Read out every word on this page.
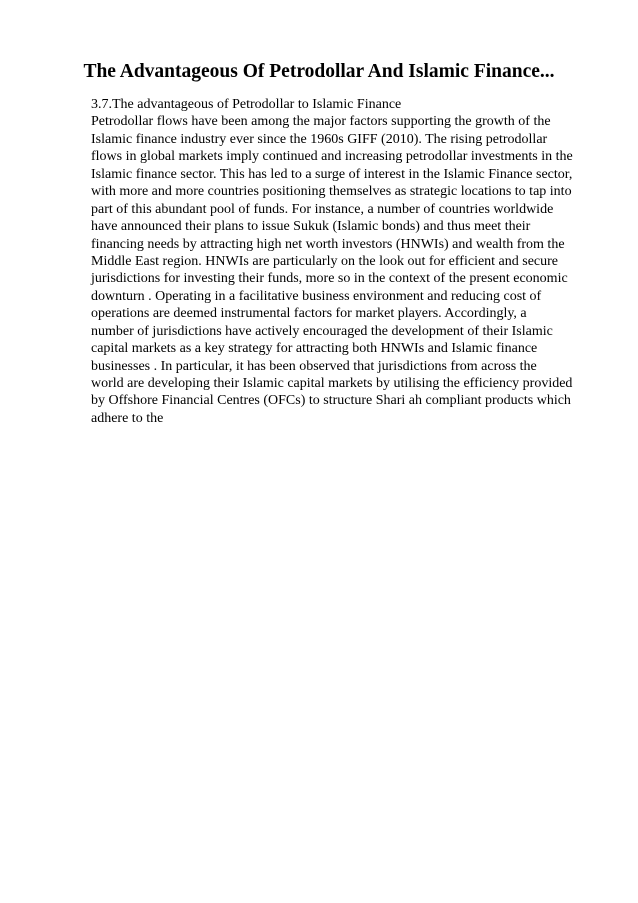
The Advantageous Of Petrodollar And Islamic Finance...
3.7.The advantageous of Petrodollar to Islamic Finance
Petrodollar flows have been among the major factors supporting the growth of the
Islamic finance industry ever since the 1960s GIFF (2010). The rising petrodollar
flows in global markets imply continued and increasing petrodollar investments in the
Islamic finance sector. This has led to a surge of interest in the Islamic Finance sector,
with more and more countries positioning themselves as strategic locations to tap into
part of this abundant pool of funds. For instance, a number of countries worldwide
have announced their plans to issue Sukuk (Islamic bonds) and thus meet their
financing needs by attracting high net worth investors (HNWIs) and wealth from the
Middle East region. HNWIs are particularly on the look out for efficient and secure
jurisdictions for investing their funds, more so in the context of the present economic
downturn . Operating in a facilitative business environment and reducing cost of
operations are deemed instrumental factors for market players. Accordingly, a
number of jurisdictions have actively encouraged the development of their Islamic
capital markets as a key strategy for attracting both HNWIs and Islamic finance
businesses . In particular, it has been observed that jurisdictions from across the
world are developing their Islamic capital markets by utilising the efficiency provided
by Offshore Financial Centres (OFCs) to structure Shari ah compliant products which
adhere to the
